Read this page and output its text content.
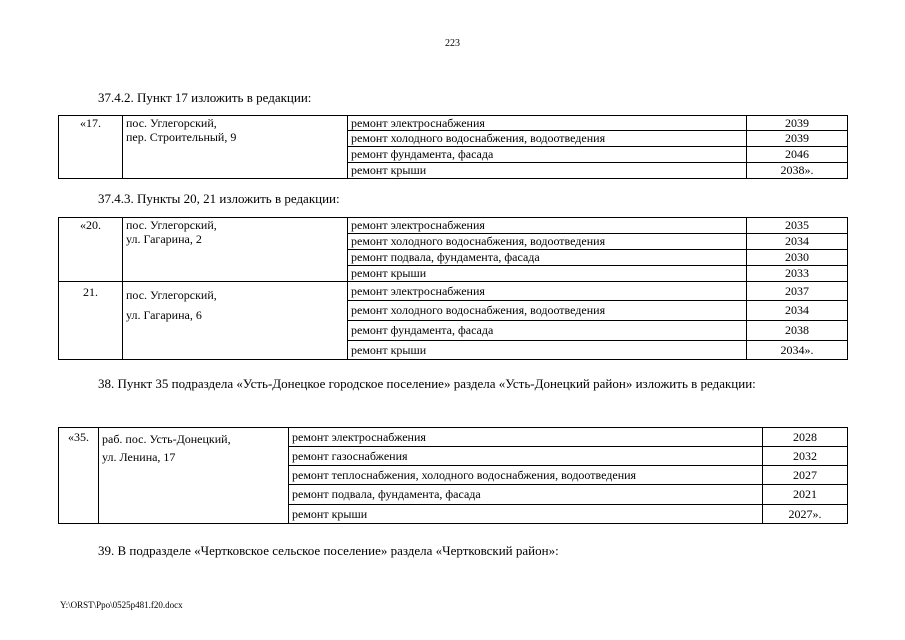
223
37.4.2. Пункт 17 изложить в редакции:
«17.	пос. Углегорский,
пер. Строительный, 9	ремонт электроснабжения	2039
		ремонт холодного водоснабжения, водоотведения	2039
		ремонт фундамента, фасада	2046
		ремонт крыши	2038».
37.4.3. Пункты 20, 21 изложить в редакции:
«20.	пос. Углегорский,
ул. Гагарина, 2	ремонт электроснабжения	2035
		ремонт холодного водоснабжения, водоотведения	2034
		ремонт подвала, фундамента, фасада	2030
		ремонт крыши	2033
21.	пос. Углегорский,
ул. Гагарина, 6	ремонт электроснабжения	2037
		ремонт холодного водоснабжения, водоотведения	2034
		ремонт фундамента, фасада	2038
		ремонт крыши	2034».
38. Пункт 35 подраздела «Усть-Донецкое городское поселение» раздела «Усть-Донецкий район» изложить в редакции:
«35.	раб. пос. Усть-Донецкий,
ул. Ленина, 17	ремонт электроснабжения	2028
		ремонт газоснабжения	2032
		ремонт теплоснабжения, холодного водоснабжения, водоотведения	2027
		ремонт подвала, фундамента, фасада	2021
		ремонт крыши	2027».
39. В подразделе «Чертковское сельское поселение» раздела «Чертковский район»:
Y:\ORST\Ppo\0525p481.f20.docx
